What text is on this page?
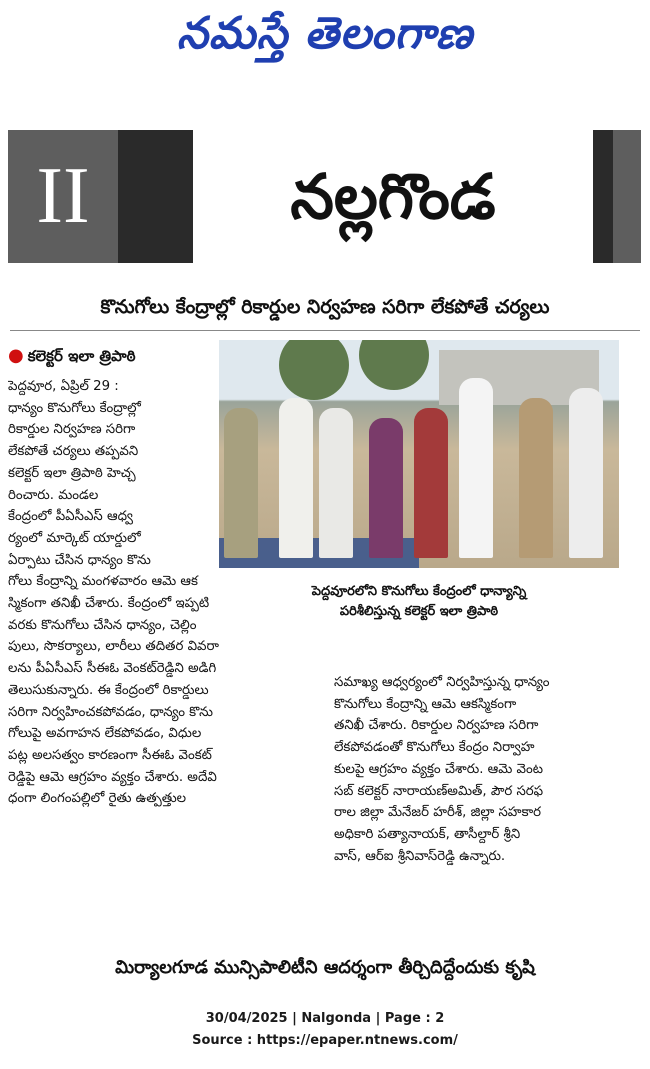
నమస్తే తెలంగాణ
II	నల్లగొండ
కొనుగోలు కేంద్రాల్లో రికార్డుల నిర్వహణ సరిగా లేకపోతే చర్యలు
● కలెక్టర్ ఇలా త్రిపాఠి
పెద్దవూరలోని కొనుగోలు కేంద్రంలో ధాన్యాన్ని
పరిశీలిస్తున్న కలెక్టర్ ఇలా త్రిపాఠి
పెద్దవూర, ఏప్రిల్ 29 :
ధాన్యం కొనుగోలు కేంద్రాల్లో
రికార్డుల నిర్వహణ సరిగా
లేకపోతే చర్యలు తప్పవని
కలెక్టర్ ఇలా త్రిపాఠి హెచ్చ
రించారు. మండల
కేంద్రంలో పీఏసీఎస్ ఆధ్వ
ర్యంలో మార్కెట్ యార్డులో
ఏర్పాటు చేసిన ధాన్యం కొను
గోలు కేంద్రాన్ని మంగళవారం ఆమె ఆక
స్మికంగా తనిఖీ చేశారు. కేంద్రంలో ఇప్పటి
వరకు కొనుగోలు చేసిన ధాన్యం, చెల్లిం
పులు, సొకర్యాలు, లారీలు తదితర వివరా
లను పీఏసీఎస్ సీఈఓ వెంకట్‌రెడ్డిని అడిగి
తెలుసుకున్నారు. ఈ కేంద్రంలో రికార్డులు
సరిగా నిర్వహించకపోవడం, ధాన్యం కొను
గోలుపై అవగాహన లేకపోవడం, విధుల
పట్ల అలసత్వం కారణంగా సీఈఓ వెంకట్
రెడ్డిపై ఆమె ఆగ్రహం వ్యక్తం చేశారు. అదేవి
ధంగా లింగంపల్లిలో రైతు ఉత్పత్తుల
సమాఖ్య ఆధ్వర్యంలో నిర్వహిస్తున్న ధాన్యం
కొనుగోలు కేంద్రాన్ని ఆమె ఆకస్మికంగా
తనిఖీ చేశారు. రికార్డుల నిర్వహణ సరిగా
లేకపోవడంతో కొనుగోలు కేంద్రం నిర్వాహ
కులపై ఆగ్రహం వ్యక్తం చేశారు. ఆమె వెంట
సబ్ కలెక్టర్ నారాయణ్‌అమిత్, పౌర సరఫ
రాల జిల్లా మేనేజర్ హరీశ్, జిల్లా సహకార
అధికారి పత్యానాయక్, తాసీల్దార్ శ్రీని
వాస్, ఆర్ఐ శ్రీనివాస్‌రెడ్డి ఉన్నారు.
మిర్యాలగూడ మున్సిపాలిటీని ఆదర్శంగా తీర్చిదిద్దేందుకు కృషి
30/04/2025 | Nalgonda | Page : 2
Source : https://epaper.ntnews.com/
